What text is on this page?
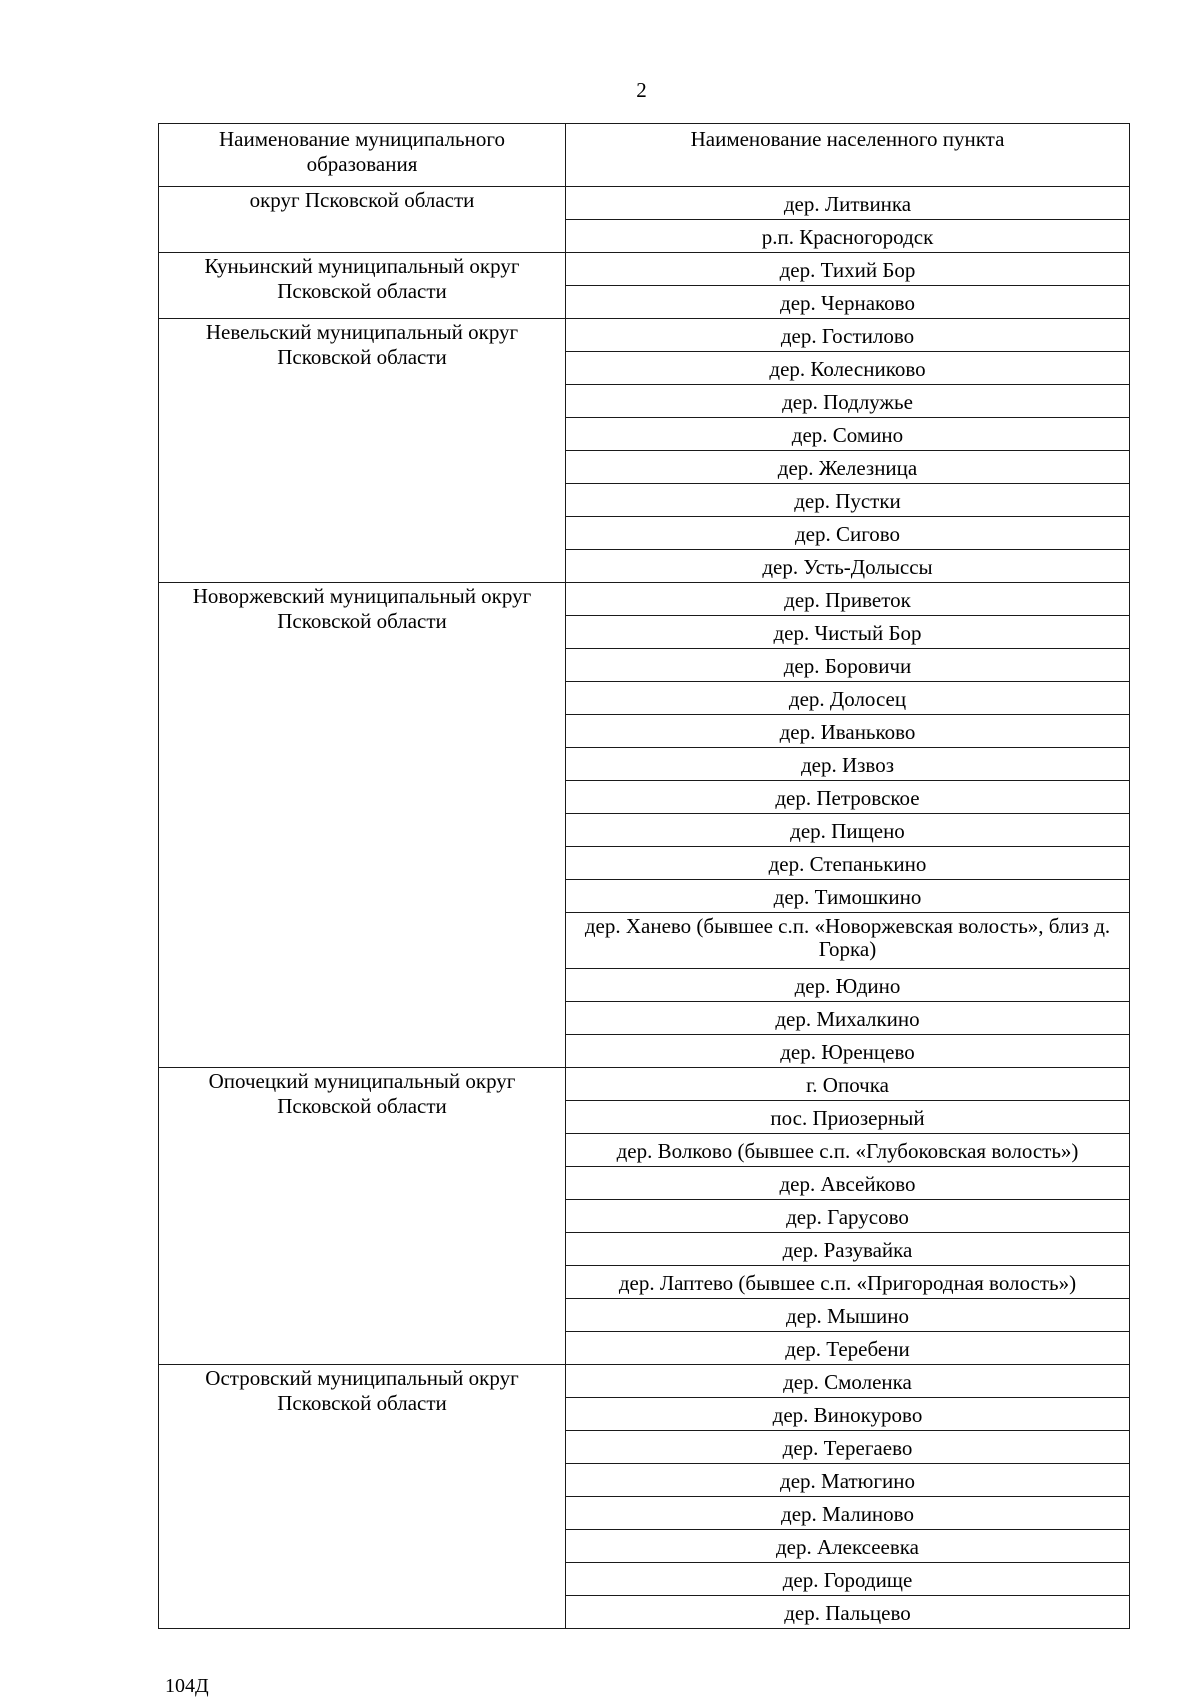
2
Наименование муниципального образования	Наименование населенного пункта
округ Псковской области	дер. Литвинка
	р.п. Красногородск
Куньинский муниципальный округ Псковской области	дер. Тихий Бор
	дер. Чернаково
Невельский муниципальный округ Псковской области	дер. Гостилово
	дер. Колесниково
	дер. Подлужье
	дер. Сомино
	дер. Железница
	дер. Пустки
	дер. Сигово
	дер. Усть-Долыссы
Новоржевский муниципальный округ Псковской области	дер. Приветок
	дер. Чистый Бор
	дер. Боровичи
	дер. Долосец
	дер. Иваньково
	дер. Извоз
	дер. Петровское
	дер. Пищено
	дер. Степанькино
	дер. Тимошкино
	дер. Ханево (бывшее с.п. «Новоржевская волость», близ д. Горка)
	дер. Юдино
	дер. Михалкино
	дер. Юренцево
Опочецкий муниципальный округ Псковской области	г. Опочка
	пос. Приозерный
	дер. Волково (бывшее с.п. «Глубоковская волость»)
	дер. Авсейково
	дер. Гарусово
	дер. Разувайка
	дер. Лаптево (бывшее с.п. «Пригородная волость»)
	дер. Мышино
	дер. Теребени
Островский муниципальный округ Псковской области	дер. Смоленка
	дер. Винокурово
	дер. Терегаево
	дер. Матюгино
	дер. Малиново
	дер. Алексеевка
	дер. Городище
	дер. Пальцево
104Д
